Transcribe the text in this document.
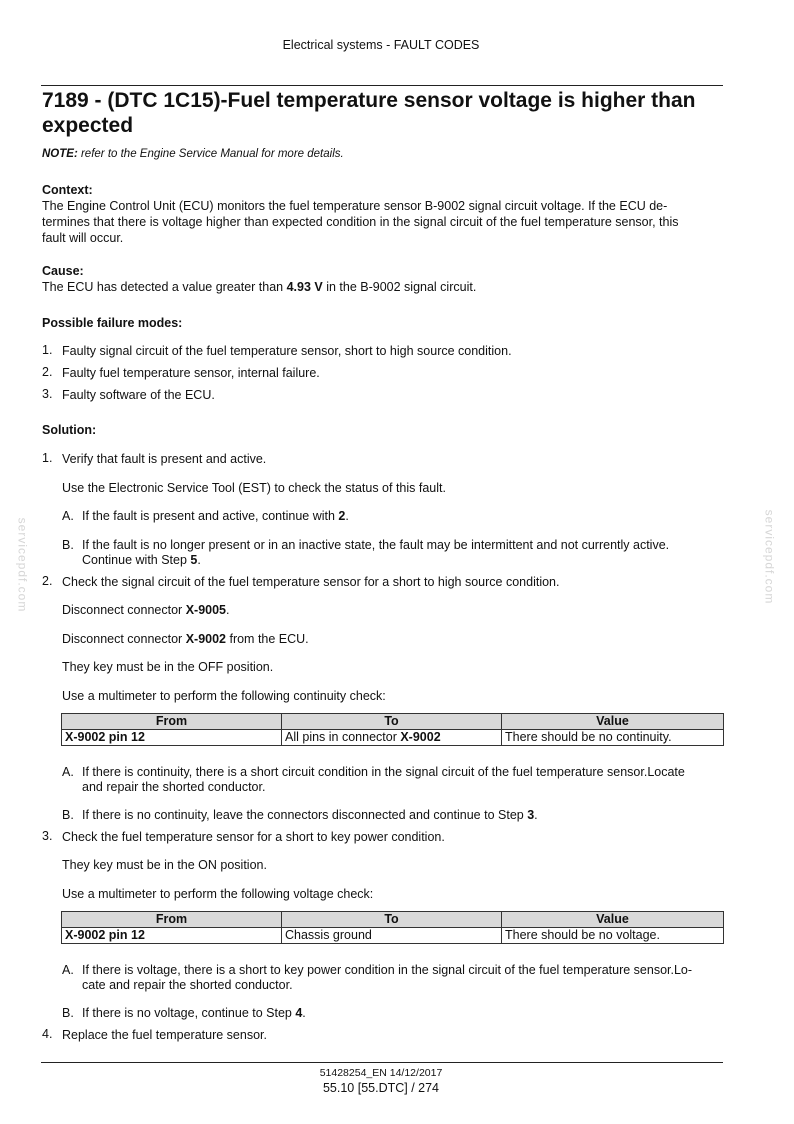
Electrical systems - FAULT CODES
7189 - (DTC 1C15)-Fuel temperature sensor voltage is higher than expected
NOTE: refer to the Engine Service Manual for more details.
Context:
The Engine Control Unit (ECU) monitors the fuel temperature sensor B-9002 signal circuit voltage. If the ECU de-
termines that there is voltage higher than expected condition in the signal circuit of the fuel temperature sensor, this
fault will occur.
Cause:
The ECU has detected a value greater than 4.93 V in the B-9002 signal circuit.
Possible failure modes:
1. Faulty signal circuit of the fuel temperature sensor, short to high source condition.
2. Faulty fuel temperature sensor, internal failure.
3. Faulty software of the ECU.
Solution:
1. Verify that fault is present and active.
Use the Electronic Service Tool (EST) to check the status of this fault.
A. If the fault is present and active, continue with 2.
B. If the fault is no longer present or in an inactive state, the fault may be intermittent and not currently active.
Continue with Step 5.
2. Check the signal circuit of the fuel temperature sensor for a short to high source condition.
Disconnect connector X-9005.
Disconnect connector X-9002 from the ECU.
They key must be in the OFF position.
Use a multimeter to perform the following continuity check:
From	To	Value
X-9002 pin 12	All pins in connector X-9002	There should be no continuity.
A. If there is continuity, there is a short circuit condition in the signal circuit of the fuel temperature sensor.Locate
and repair the shorted conductor.
B. If there is no continuity, leave the connectors disconnected and continue to Step 3.
3. Check the fuel temperature sensor for a short to key power condition.
They key must be in the ON position.
Use a multimeter to perform the following voltage check:
From	To	Value
X-9002 pin 12	Chassis ground	There should be no voltage.
A. If there is voltage, there is a short to key power condition in the signal circuit of the fuel temperature sensor.Lo-
cate and repair the shorted conductor.
B. If there is no voltage, continue to Step 4.
4. Replace the fuel temperature sensor.
servicepdf.com	servicepdf.com
51428254_EN 14/12/2017
55.10 [55.DTC] / 274
